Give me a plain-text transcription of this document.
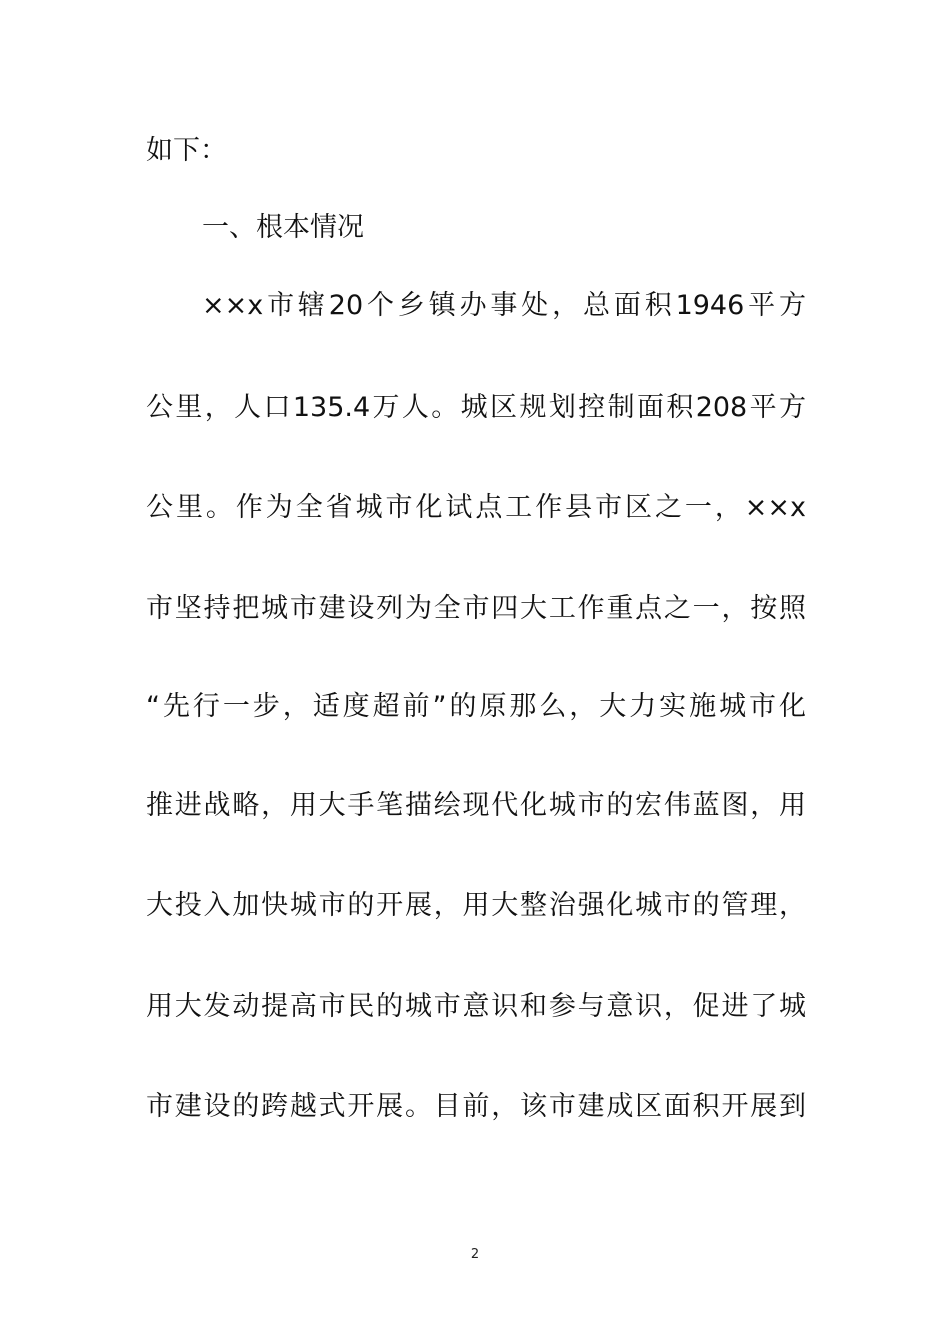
如下：
一、根本情况
××x市辖20个乡镇办事处，总面积1946平方
公里，人口135.4万人。城区规划控制面积208平方
公里。作为全省城市化试点工作县市区之一，××x
市坚持把城市建设列为全市四大工作重点之一，按照
“先行一步，适度超前”的原那么，大力实施城市化
推进战略，用大手笔描绘现代化城市的宏伟蓝图，用
大投入加快城市的开展，用大整治强化城市的管理，
用大发动提高市民的城市意识和参与意识，促进了城
市建设的跨越式开展。目前，该市建成区面积开展到
2
